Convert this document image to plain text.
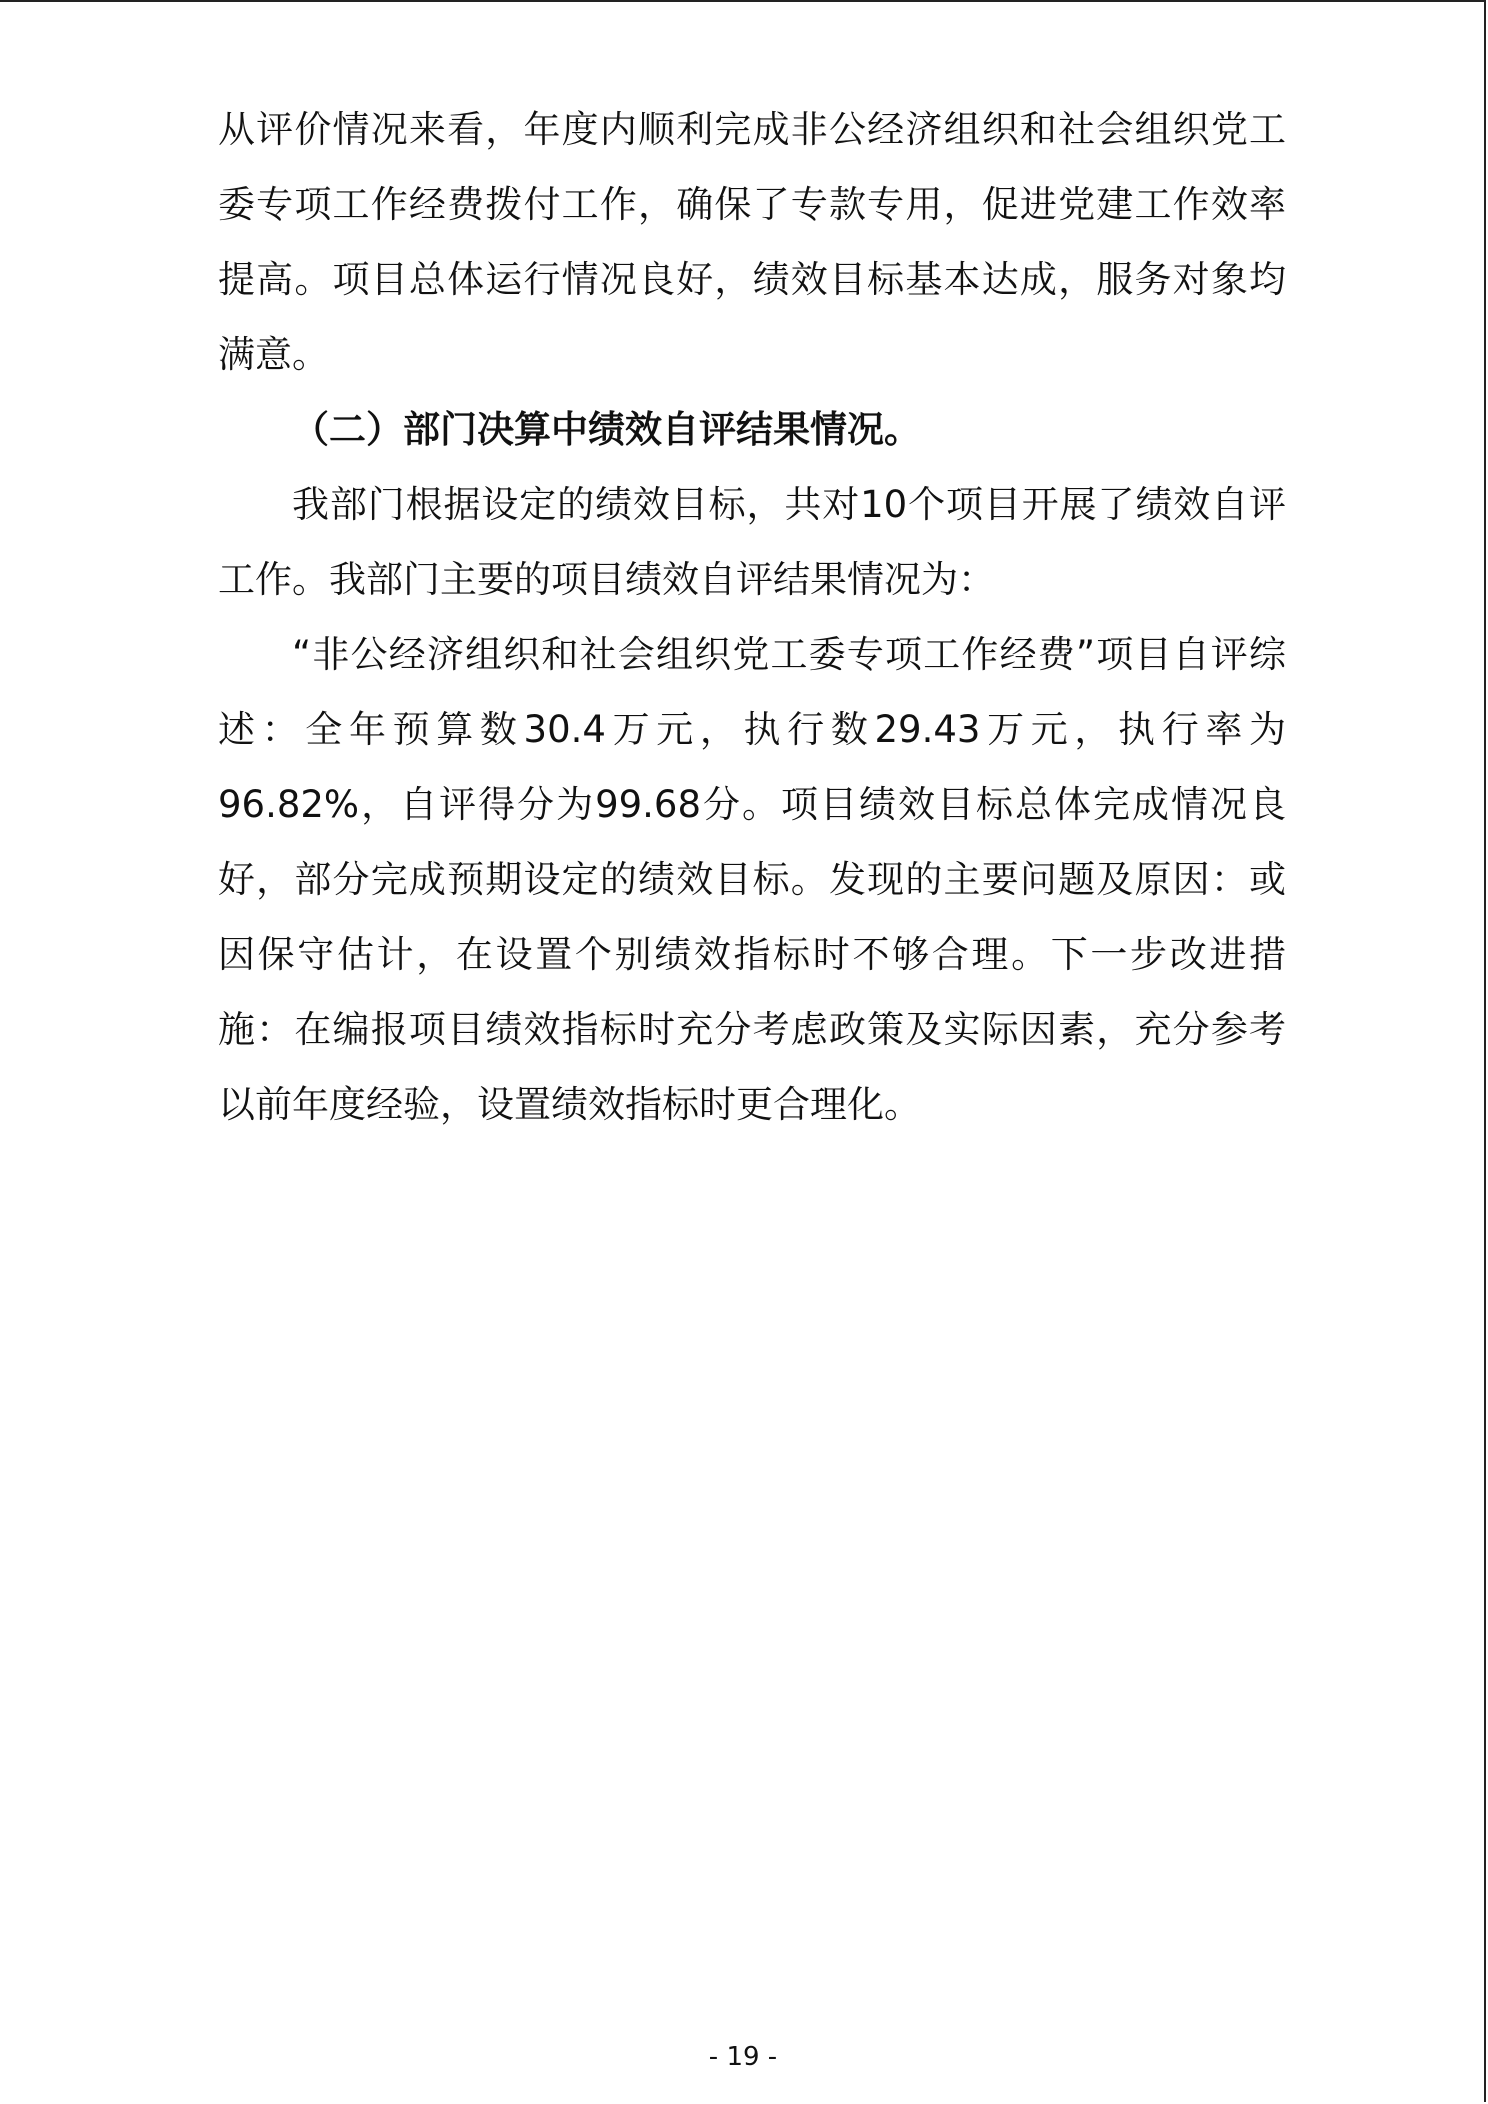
从评价情况来看，年度内顺利完成非公经济组织和社会组织党工委专项工作经费拨付工作，确保了专款专用，促进党建工作效率提高。项目总体运行情况良好，绩效目标基本达成，服务对象均满意。

（二）部门决算中绩效自评结果情况。

我部门根据设定的绩效目标，共对10个项目开展了绩效自评工作。我部门主要的项目绩效自评结果情况为：

“非公经济组织和社会组织党工委专项工作经费”项目自评综述：全年预算数30.4万元，执行数29.43万元，执行率为96.82%，自评得分为99.68分。项目绩效目标总体完成情况良好，部分完成预期设定的绩效目标。发现的主要问题及原因：或因保守估计，在设置个别绩效指标时不够合理。下一步改进措施：在编报项目绩效指标时充分考虑政策及实际因素，充分参考以前年度经验，设置绩效指标时更合理化。

- 19 -
